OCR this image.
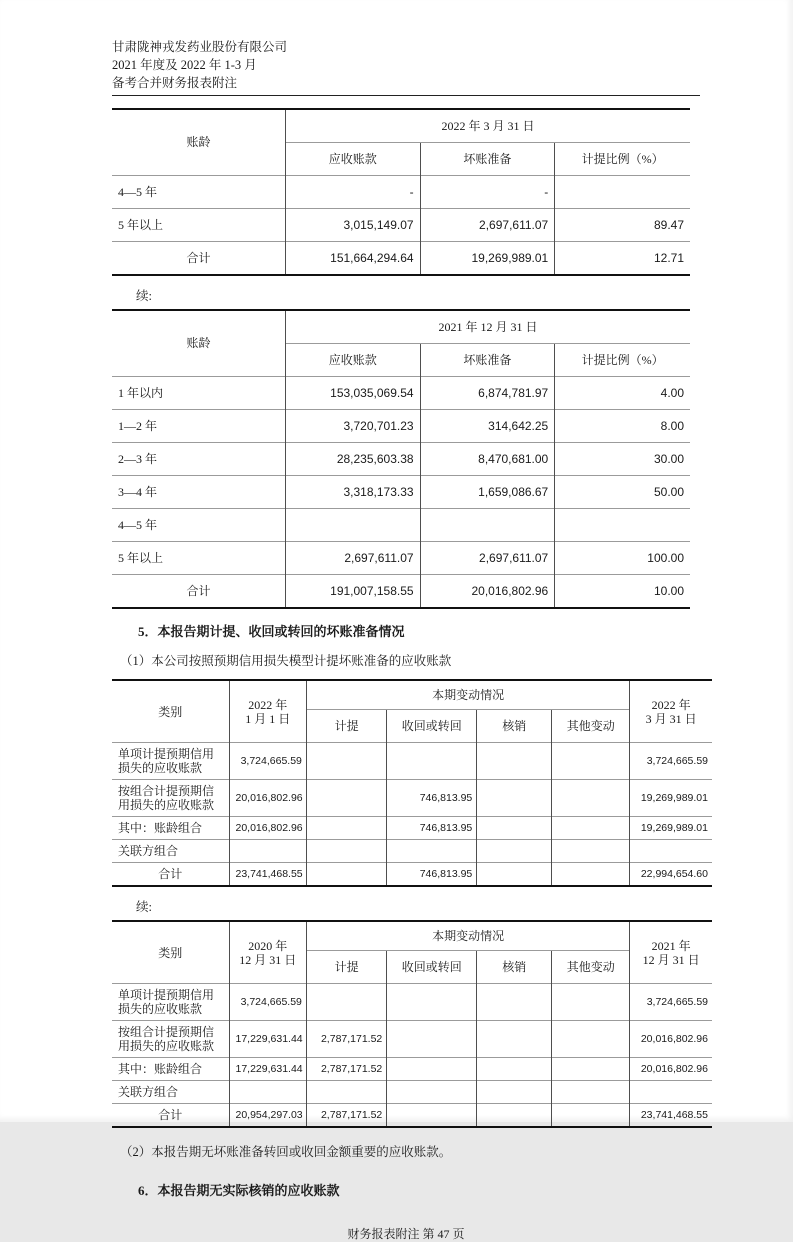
甘肃陇神戎发药业股份有限公司
2021 年度及 2022 年 1-3 月
备考合并财务报表附注
账龄	2022 年 3 月 31 日		
	应收账款	坏账准备	计提比例（%）
4—5 年	-	-	
5 年以上	3,015,149.07	2,697,611.07	89.47
合计	151,664,294.64	19,269,989.01	12.71
续:
账龄	2021 年 12 月 31 日		
	应收账款	坏账准备	计提比例（%）
1 年以内	153,035,069.54	6,874,781.97	4.00
1—2 年	3,720,701.23	314,642.25	8.00
2—3 年	28,235,603.38	8,470,681.00	30.00
3—4 年	3,318,173.33	1,659,086.67	50.00
4—5 年			
5 年以上	2,697,611.07	2,697,611.07	100.00
合计	191,007,158.55	20,016,802.96	10.00
5．本报告期计提、收回或转回的坏账准备情况
（1）本公司按照预期信用损失模型计提坏账准备的应收账款
类别	2022 年
1 月 1 日
	本期变动情况	
2022 年
3 月 31 日

		计提	收回或转回	核销	其他变动	
单项计提预期信用损失的应收账款	3,724,665.59					3,724,665.59
按组合计提预期信用损失的应收账款	20,016,802.96		746,813.95			19,269,989.01
其中：账龄组合	20,016,802.96		746,813.95			19,269,989.01
关联方组合						
合计	23,741,468.55		746,813.95			22,994,654.60
续:
类别	2020 年
12 月 31 日
	本期变动情况	
2021 年
12 月 31 日

		计提	收回或转回	核销	其他变动	
单项计提预期信用损失的应收账款	3,724,665.59					3,724,665.59
按组合计提预期信用损失的应收账款	17,229,631.44	2,787,171.52				20,016,802.96
其中：账龄组合	17,229,631.44	2,787,171.52				20,016,802.96
关联方组合						
合计	20,954,297.03	2,787,171.52				23,741,468.55
（2）本报告期无坏账准备转回或收回金额重要的应收账款。
6．本报告期无实际核销的应收账款
财务报表附注 第 47 页
